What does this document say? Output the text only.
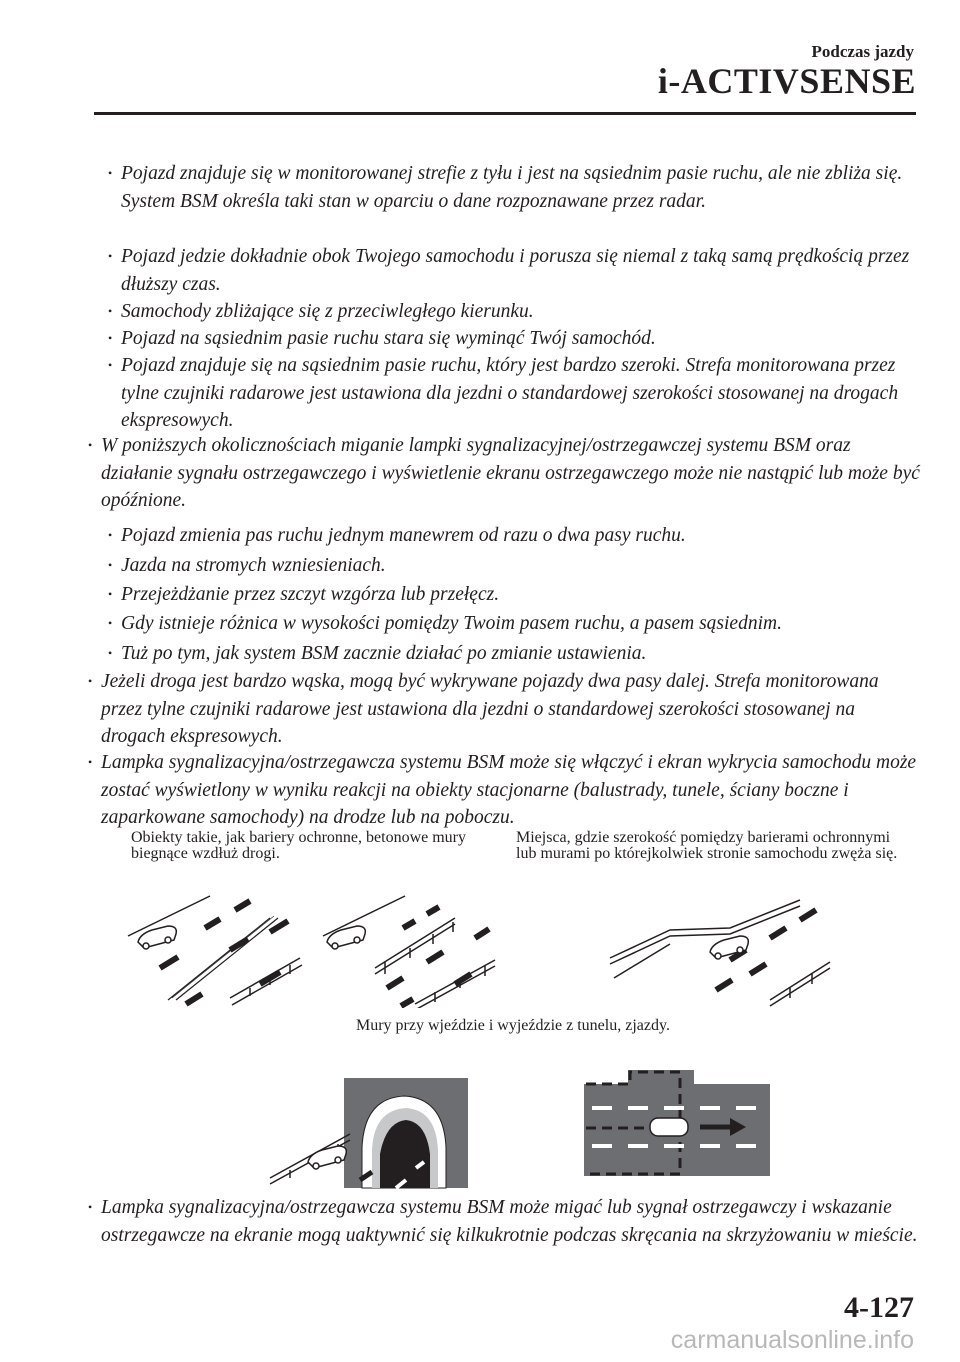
Podczas jazdy
i-ACTIVSENSE
• Pojazd znajduje się w monitorowanej strefie z tyłu i jest na sąsiednim pasie ruchu, ale nie zbliża się. System BSM określa taki stan w oparciu o dane rozpoznawane przez radar.
• Pojazd jedzie dokładnie obok Twojego samochodu i porusza się niemal z taką samą prędkością przez dłuższy czas.
• Samochody zbliżające się z przeciwległego kierunku.
• Pojazd na sąsiednim pasie ruchu stara się wyminąć Twój samochód.
• Pojazd znajduje się na sąsiednim pasie ruchu, który jest bardzo szeroki. Strefa monitorowana przez tylne czujniki radarowe jest ustawiona dla jezdni o standardowej szerokości stosowanej na drogach ekspresowych.
• W poniższych okolicznościach miganie lampki sygnalizacyjnej/ostrzegawczej systemu BSM oraz działanie sygnału ostrzegawczego i wyświetlenie ekranu ostrzegawczego może nie nastąpić lub może być opóźnione.
• Pojazd zmienia pas ruchu jednym manewrem od razu o dwa pasy ruchu.
• Jazda na stromych wzniesieniach.
• Przejeżdżanie przez szczyt wzgórza lub przełęcz.
• Gdy istnieje różnica w wysokości pomiędzy Twoim pasem ruchu, a pasem sąsiednim.
• Tuż po tym, jak system BSM zacznie działać po zmianie ustawienia.
• Jeżeli droga jest bardzo wąska, mogą być wykrywane pojazdy dwa pasy dalej. Strefa monitorowana przez tylne czujniki radarowe jest ustawiona dla jezdni o standardowej szerokości stosowanej na drogach ekspresowych.
• Lampka sygnalizacyjna/ostrzegawcza systemu BSM może się włączyć i ekran wykrycia samochodu może zostać wyświetlony w wyniku reakcji na obiekty stacjonarne (balustrady, tunele, ściany boczne i zaparkowane samochody) na drodze lub na poboczu.
Obiekty takie, jak bariery ochronne, betonowe mury biegnące wzdłuż drogi.
Miejsca, gdzie szerokość pomiędzy barierami ochronnymi lub murami po którejkolwiek stronie samochodu zwęża się.
Mury przy wjeździe i wyjeździe z tunelu, zjazdy.
• Lampka sygnalizacyjna/ostrzegawcza systemu BSM może migać lub sygnał ostrzegawczy i wskazanie ostrzegawcze na ekranie mogą uaktywnić się kilkukrotnie podczas skręcania na skrzyżowaniu w mieście.
4-127
carmanualsonline.info
